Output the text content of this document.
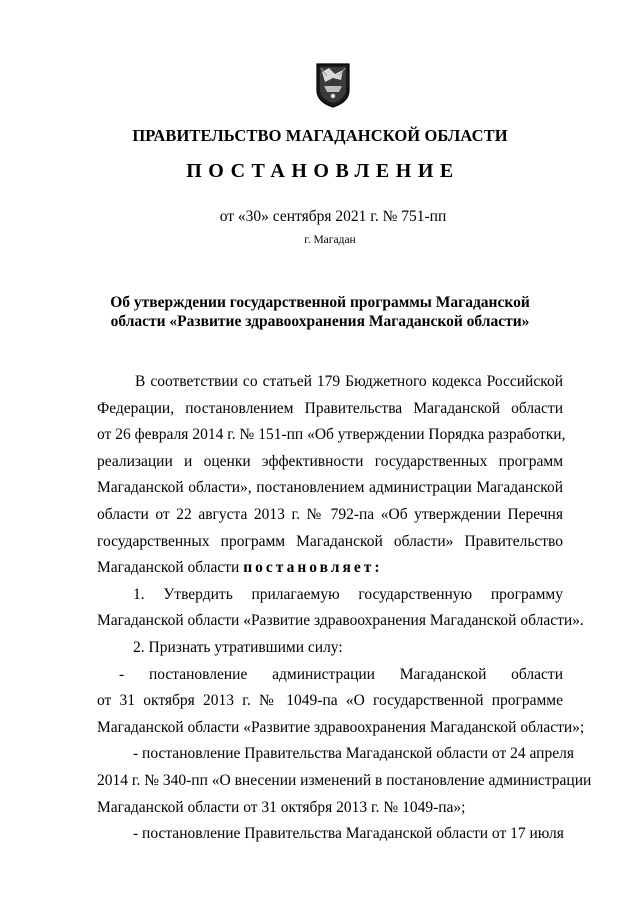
ПРАВИТЕЛЬСТВО МАГАДАНСКОЙ ОБЛАСТИ
ПОСТАНОВЛЕНИЕ
от «30» сентября 2021 г. № 751-пп
г. Магадан
Об утверждении государственной программы Магаданской
области «Развитие здравоохранения Магаданской области»
В соответствии со статьей 179 Бюджетного кодекса Российской
Федерации, постановлением Правительства Магаданской области
от 26 февраля 2014 г. № 151-пп «Об утверждении Порядка разработки,
реализации и оценки эффективности государственных программ
Магаданской области», постановлением администрации Магаданской
области от 22 августа 2013 г. № 792-па «Об утверждении Перечня
государственных программ Магаданской области» Правительство
Магаданской области постановляет:
1. Утвердить прилагаемую государственную программу
Магаданской области «Развитие здравоохранения Магаданской области».
2. Признать утратившими силу:
- постановление администрации Магаданской области
от 31 октября 2013 г. № 1049-па «О государственной программе
Магаданской области «Развитие здравоохранения Магаданской области»;
- постановление Правительства Магаданской области от 24 апреля
2014 г. № 340-пп «О внесении изменений в постановление администрации
Магаданской области от 31 октября 2013 г. № 1049-па»;
- постановление Правительства Магаданской области от 17 июля
